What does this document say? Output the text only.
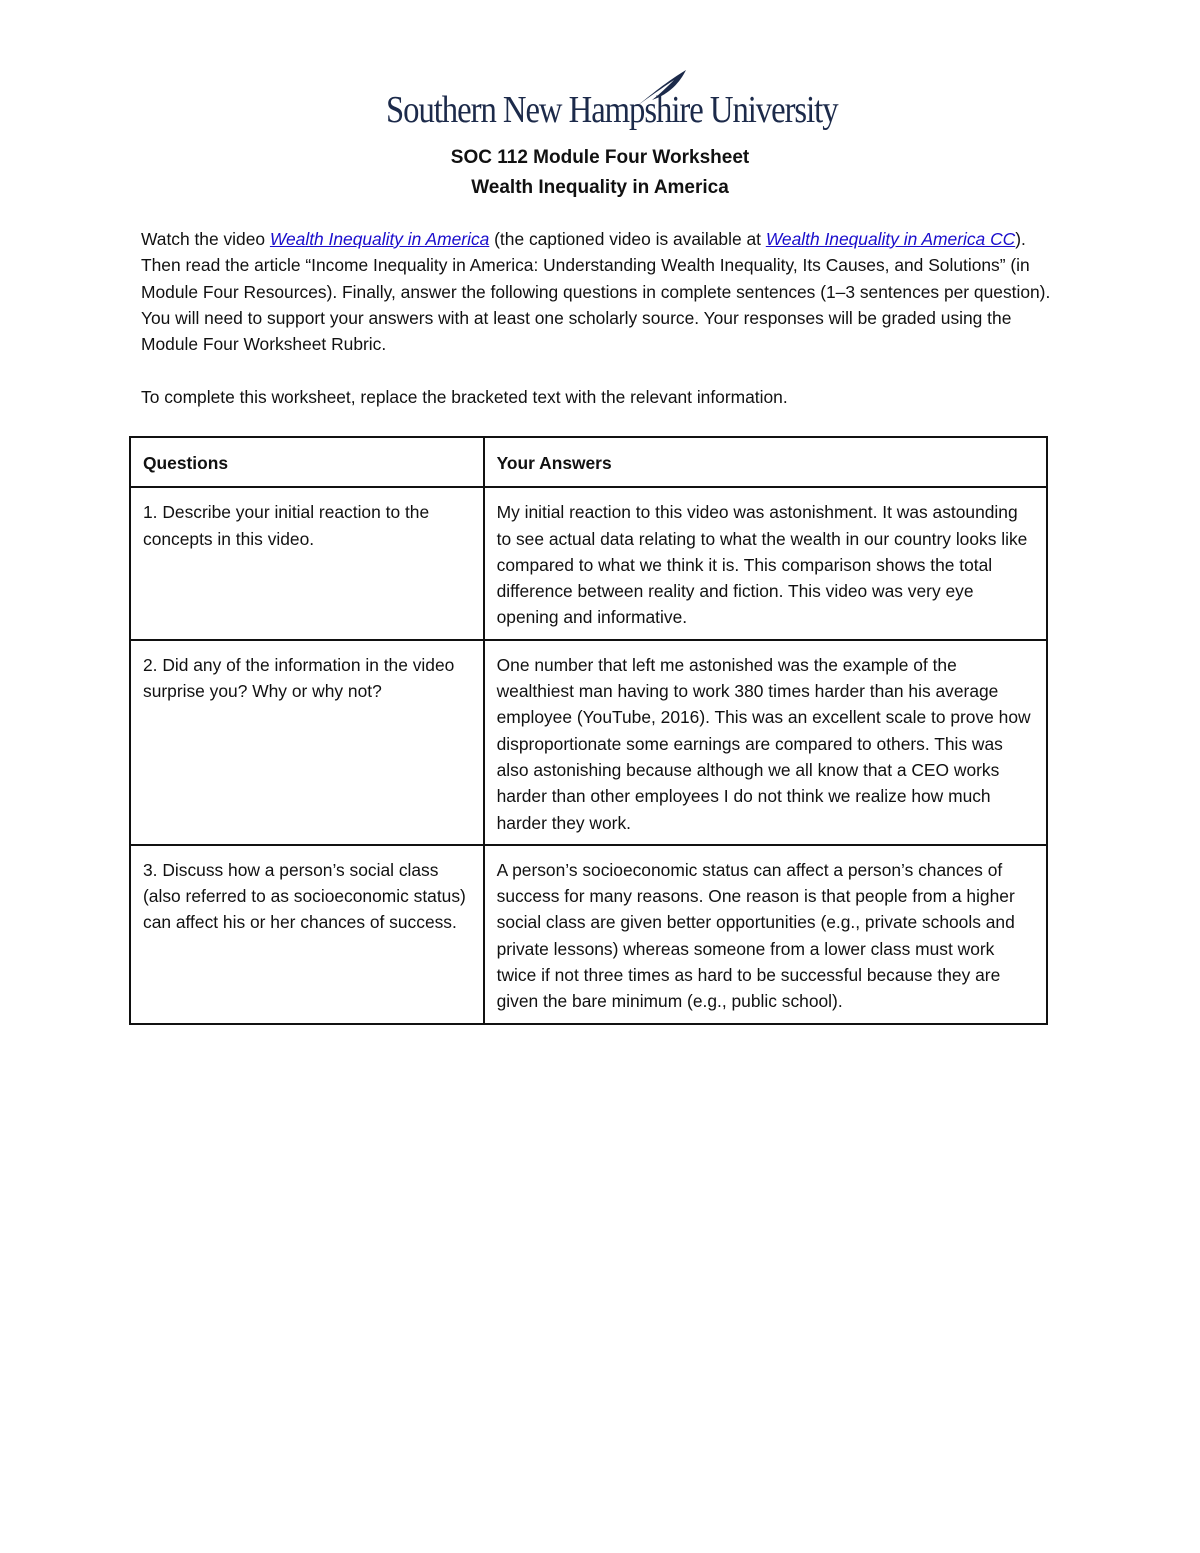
Southern New Hampshire University
SOC 112 Module Four Worksheet
Wealth Inequality in America
Watch the video Wealth Inequality in America (the captioned video is available at Wealth Inequality in America CC). Then read the article “Income Inequality in America: Understanding Wealth Inequality, Its Causes, and Solutions” (in Module Four Resources). Finally, answer the following questions in complete sentences (1–3 sentences per question). You will need to support your answers with at least one scholarly source. Your responses will be graded using the Module Four Worksheet Rubric.
To complete this worksheet, replace the bracketed text with the relevant information.
Questions	Your Answers
1. Describe your initial reaction to the concepts in this video.	My initial reaction to this video was astonishment. It was astounding to see actual data relating to what the wealth in our country looks like compared to what we think it is. This comparison shows the total difference between reality and fiction. This video was very eye opening and informative.
2. Did any of the information in the video surprise you? Why or why not?	One number that left me astonished was the example of the wealthiest man having to work 380 times harder than his average employee (YouTube, 2016). This was an excellent scale to prove how disproportionate some earnings are compared to others. This was also astonishing because although we all know that a CEO works harder than other employees I do not think we realize how much harder they work.
3. Discuss how a person’s social class (also referred to as socioeconomic status) can affect his or her chances of success.	A person’s socioeconomic status can affect a person’s chances of success for many reasons. One reason is that people from a higher social class are given better opportunities (e.g., private schools and private lessons) whereas someone from a lower class must work twice if not three times as hard to be successful because they are given the bare minimum (e.g., public school).
